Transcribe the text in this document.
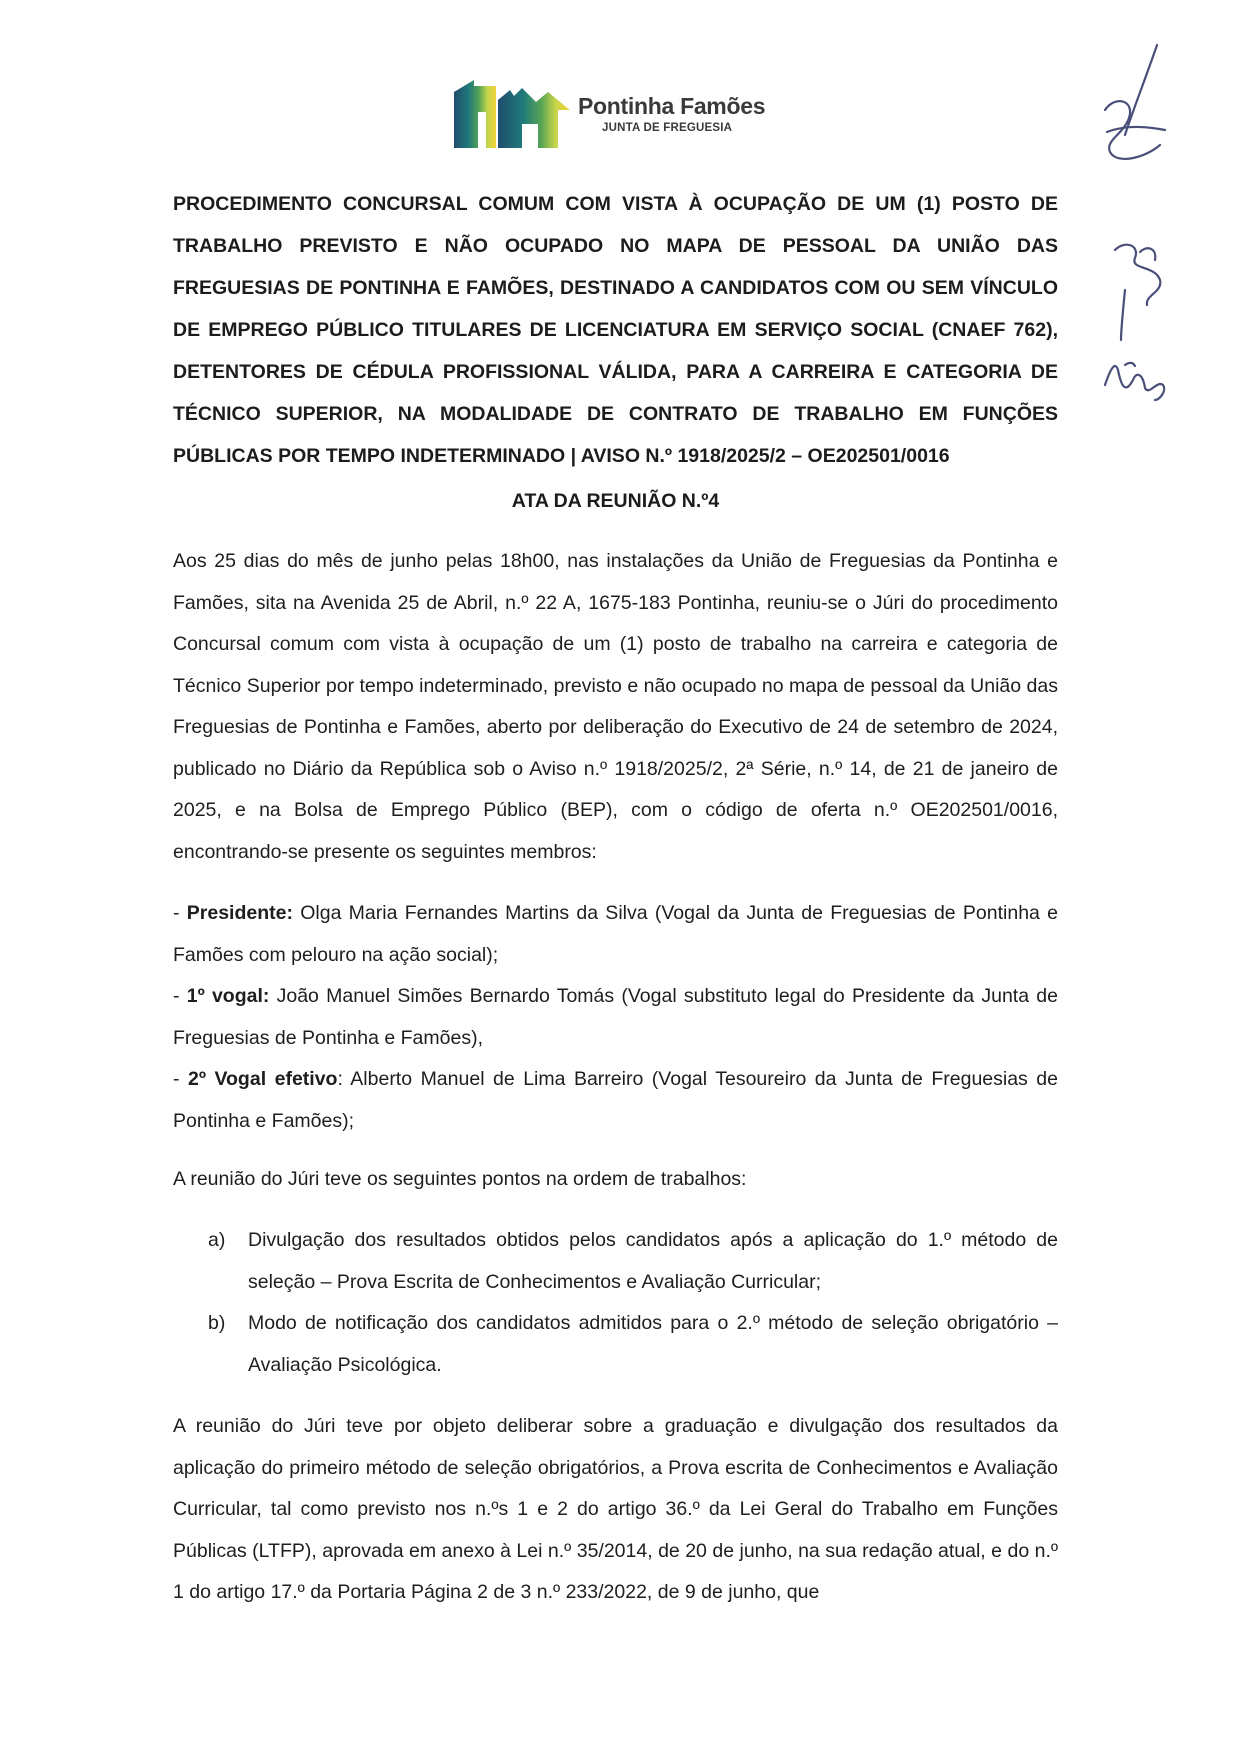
Pontinha Famões
JUNTA DE FREGUESIA
PROCEDIMENTO CONCURSAL COMUM COM VISTA À OCUPAÇÃO DE UM (1) POSTO DE TRABALHO PREVISTO E NÃO OCUPADO NO MAPA DE PESSOAL DA UNIÃO DAS FREGUESIAS DE PONTINHA E FAMÕES, DESTINADO A CANDIDATOS COM OU SEM VÍNCULO DE EMPREGO PÚBLICO TITULARES DE LICENCIATURA EM SERVIÇO SOCIAL (CNAEF 762), DETENTORES DE CÉDULA PROFISSIONAL VÁLIDA, PARA A CARREIRA E CATEGORIA DE TÉCNICO SUPERIOR, NA MODALIDADE DE CONTRATO DE TRABALHO EM FUNÇÕES PÚBLICAS POR TEMPO INDETERMINADO | AVISO N.º 1918/2025/2 – OE202501/0016
ATA DA REUNIÃO N.º4
Aos 25 dias do mês de junho pelas 18h00, nas instalações da União de Freguesias da Pontinha e Famões, sita na Avenida 25 de Abril, n.º 22 A, 1675-183 Pontinha, reuniu-se o Júri do procedimento Concursal comum com vista à ocupação de um (1) posto de trabalho na carreira e categoria de Técnico Superior por tempo indeterminado, previsto e não ocupado no mapa de pessoal da União das Freguesias de Pontinha e Famões, aberto por deliberação do Executivo de 24 de setembro de 2024, publicado no Diário da República sob o Aviso n.º 1918/2025/2, 2ª Série, n.º 14, de 21 de janeiro de 2025, e na Bolsa de Emprego Público (BEP), com o código de oferta n.º OE202501/0016, encontrando-se presente os seguintes membros:

- Presidente: Olga Maria Fernandes Martins da Silva (Vogal da Junta de Freguesias de Pontinha e Famões com pelouro na ação social);

- 1º vogal: João Manuel Simões Bernardo Tomás (Vogal substituto legal do Presidente da Junta de Freguesias de Pontinha e Famões),

- 2º Vogal efetivo: Alberto Manuel de Lima Barreiro (Vogal Tesoureiro da Junta de Freguesias de Pontinha e Famões);

A reunião do Júri teve os seguintes pontos na ordem de trabalhos:
a) Divulgação dos resultados obtidos pelos candidatos após a aplicação do 1.º método de seleção – Prova Escrita de Conhecimentos e Avaliação Curricular;
b) Modo de notificação dos candidatos admitidos para o 2.º método de seleção obrigatório – Avaliação Psicológica.
A reunião do Júri teve por objeto deliberar sobre a graduação e divulgação dos resultados da aplicação do primeiro método de seleção obrigatórios, a Prova escrita de Conhecimentos e Avaliação Curricular, tal como previsto nos n.ºs 1 e 2 do artigo 36.º da Lei Geral do Trabalho em Funções Públicas (LTFP), aprovada em anexo à Lei n.º 35/2014, de 20 de junho, na sua redação atual, e do n.º 1 do artigo 17.º da Portaria Página 2 de 3 n.º 233/2022, de 9 de junho, que
